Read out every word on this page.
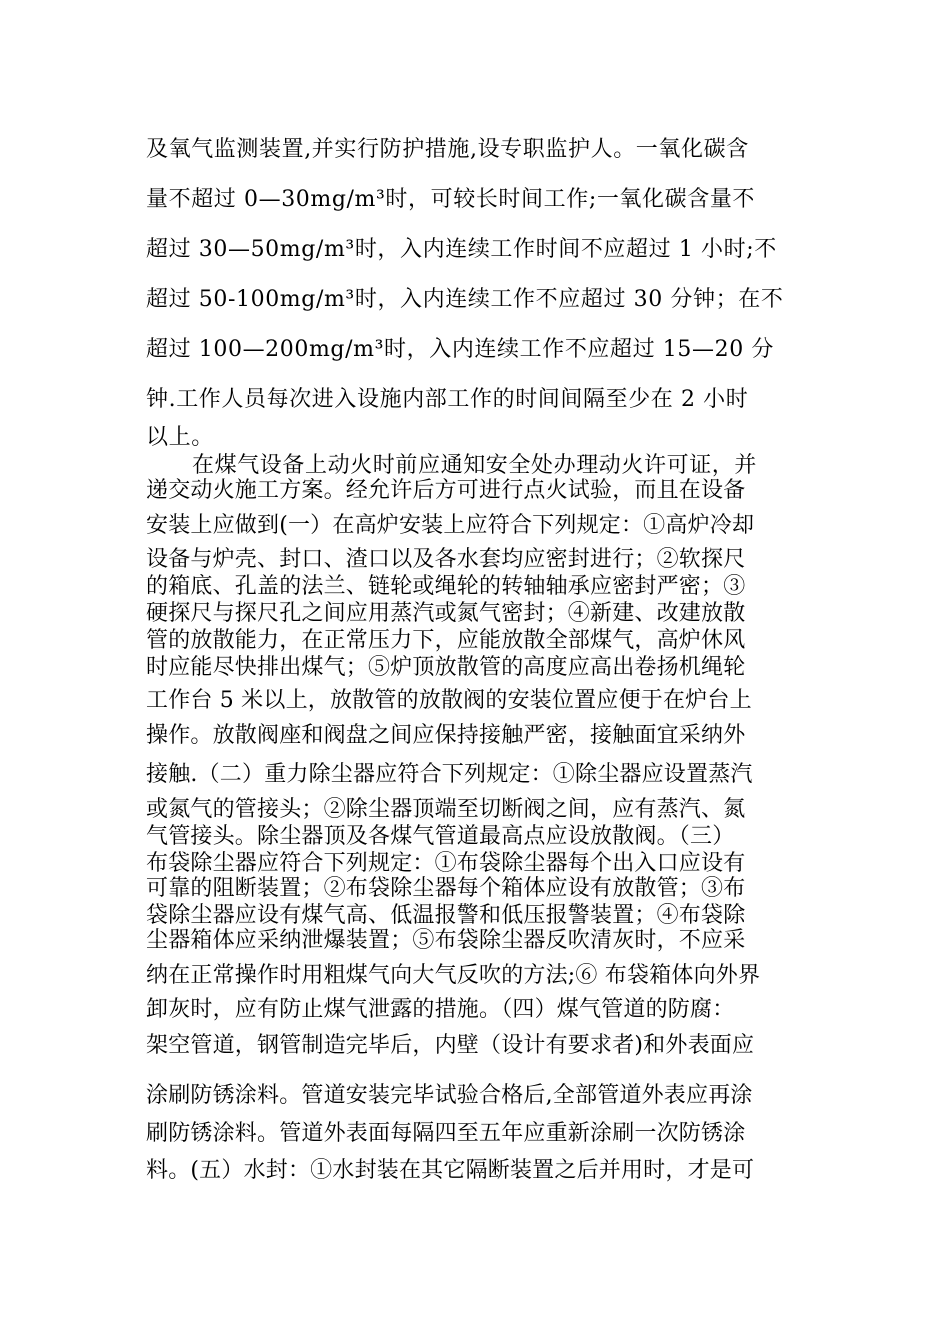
及氧气监测装置,并实行防护措施,设专职监护人。一氧化碳含
量不超过 0—30mg/m³时，可较长时间工作;一氧化碳含量不
超过 30—50mg/m³时，入内连续工作时间不应超过 1 小时;不
超过 50-100mg/m³时，入内连续工作不应超过 30 分钟；在不
超过 100—200mg/m³时，入内连续工作不应超过 15—20 分
钟.工作人员每次进入设施内部工作的时间间隔至少在 2 小时
以上。
在煤气设备上动火时前应通知安全处办理动火许可证，并
递交动火施工方案。经允许后方可进行点火试验，而且在设备
安装上应做到(一）在高炉安装上应符合下列规定：①高炉冷却
设备与炉壳、封口、渣口以及各水套均应密封进行；②软探尺
的箱底、孔盖的法兰、链轮或绳轮的转轴轴承应密封严密；③
硬探尺与探尺孔之间应用蒸汽或氮气密封；④新建、改建放散
管的放散能力，在正常压力下，应能放散全部煤气，高炉休风
时应能尽快排出煤气；⑤炉顶放散管的高度应高出卷扬机绳轮
工作台 5 米以上，放散管的放散阀的安装位置应便于在炉台上
操作。放散阀座和阀盘之间应保持接触严密，接触面宜采纳外
接触.（二）重力除尘器应符合下列规定：①除尘器应设置蒸汽
或氮气的管接头；②除尘器顶端至切断阀之间，应有蒸汽、氮
气管接头。除尘器顶及各煤气管道最高点应设放散阀。（三）
布袋除尘器应符合下列规定：①布袋除尘器每个出入口应设有
可靠的阻断装置；②布袋除尘器每个箱体应设有放散管；③布
袋除尘器应设有煤气高、低温报警和低压报警装置；④布袋除
尘器箱体应采纳泄爆装置；⑤布袋除尘器反吹清灰时，不应采
纳在正常操作时用粗煤气向大气反吹的方法;⑥ 布袋箱体向外界
卸灰时，应有防止煤气泄露的措施。（四）煤气管道的防腐：
架空管道，钢管制造完毕后，内壁（设计有要求者)和外表面应
涂刷防锈涂料。管道安装完毕试验合格后,全部管道外表应再涂
刷防锈涂料。管道外表面每隔四至五年应重新涂刷一次防锈涂
料。(五）水封：①水封装在其它隔断装置之后并用时，才是可
